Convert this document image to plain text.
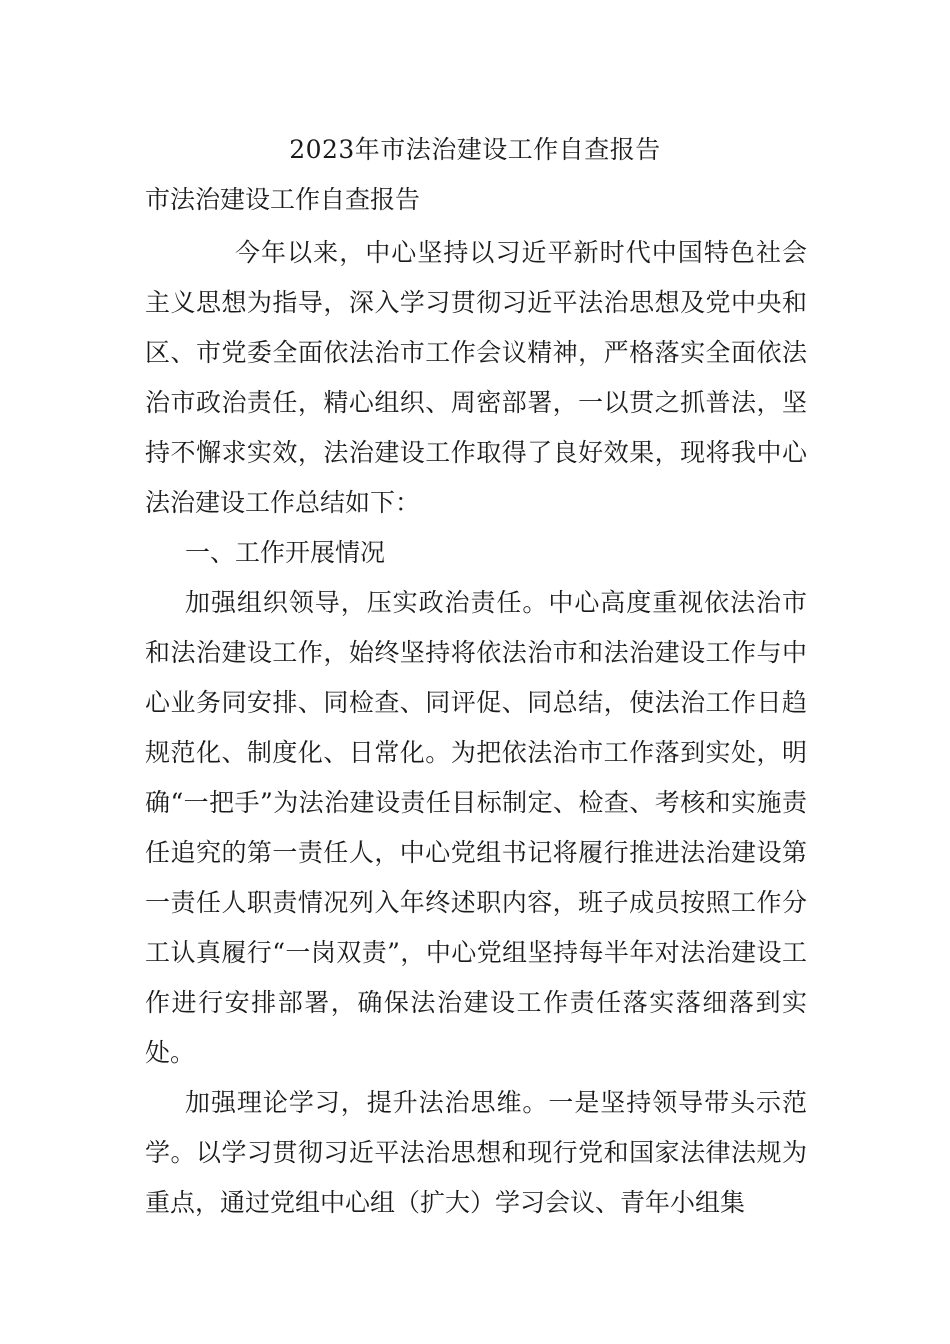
2023年市法治建设工作自查报告
市法治建设工作自查报告

今年以来，中心坚持以习近平新时代中国特色社会主义思想为指导，深入学习贯彻习近平法治思想及党中央和区、市党委全面依法治市工作会议精神，严格落实全面依法治市政治责任，精心组织、周密部署，一以贯之抓普法，坚持不懈求实效，法治建设工作取得了良好效果，现将我中心法治建设工作总结如下：

一、工作开展情况

加强组织领导，压实政治责任。中心高度重视依法治市和法治建设工作，始终坚持将依法治市和法治建设工作与中心业务同安排、同检查、同评促、同总结，使法治工作日趋规范化、制度化、日常化。为把依法治市工作落到实处，明确“一把手”为法治建设责任目标制定、检查、考核和实施责任追究的第一责任人，中心党组书记将履行推进法治建设第一责任人职责情况列入年终述职内容，班子成员按照工作分工认真履行“一岗双责”，中心党组坚持每半年对法治建设工作进行安排部署，确保法治建设工作责任落实落细落到实处。

加强理论学习，提升法治思维。一是坚持领导带头示范学。以学习贯彻习近平法治思想和现行党和国家法律法规为重点，通过党组中心组（扩大）学习会议、青年小组集
